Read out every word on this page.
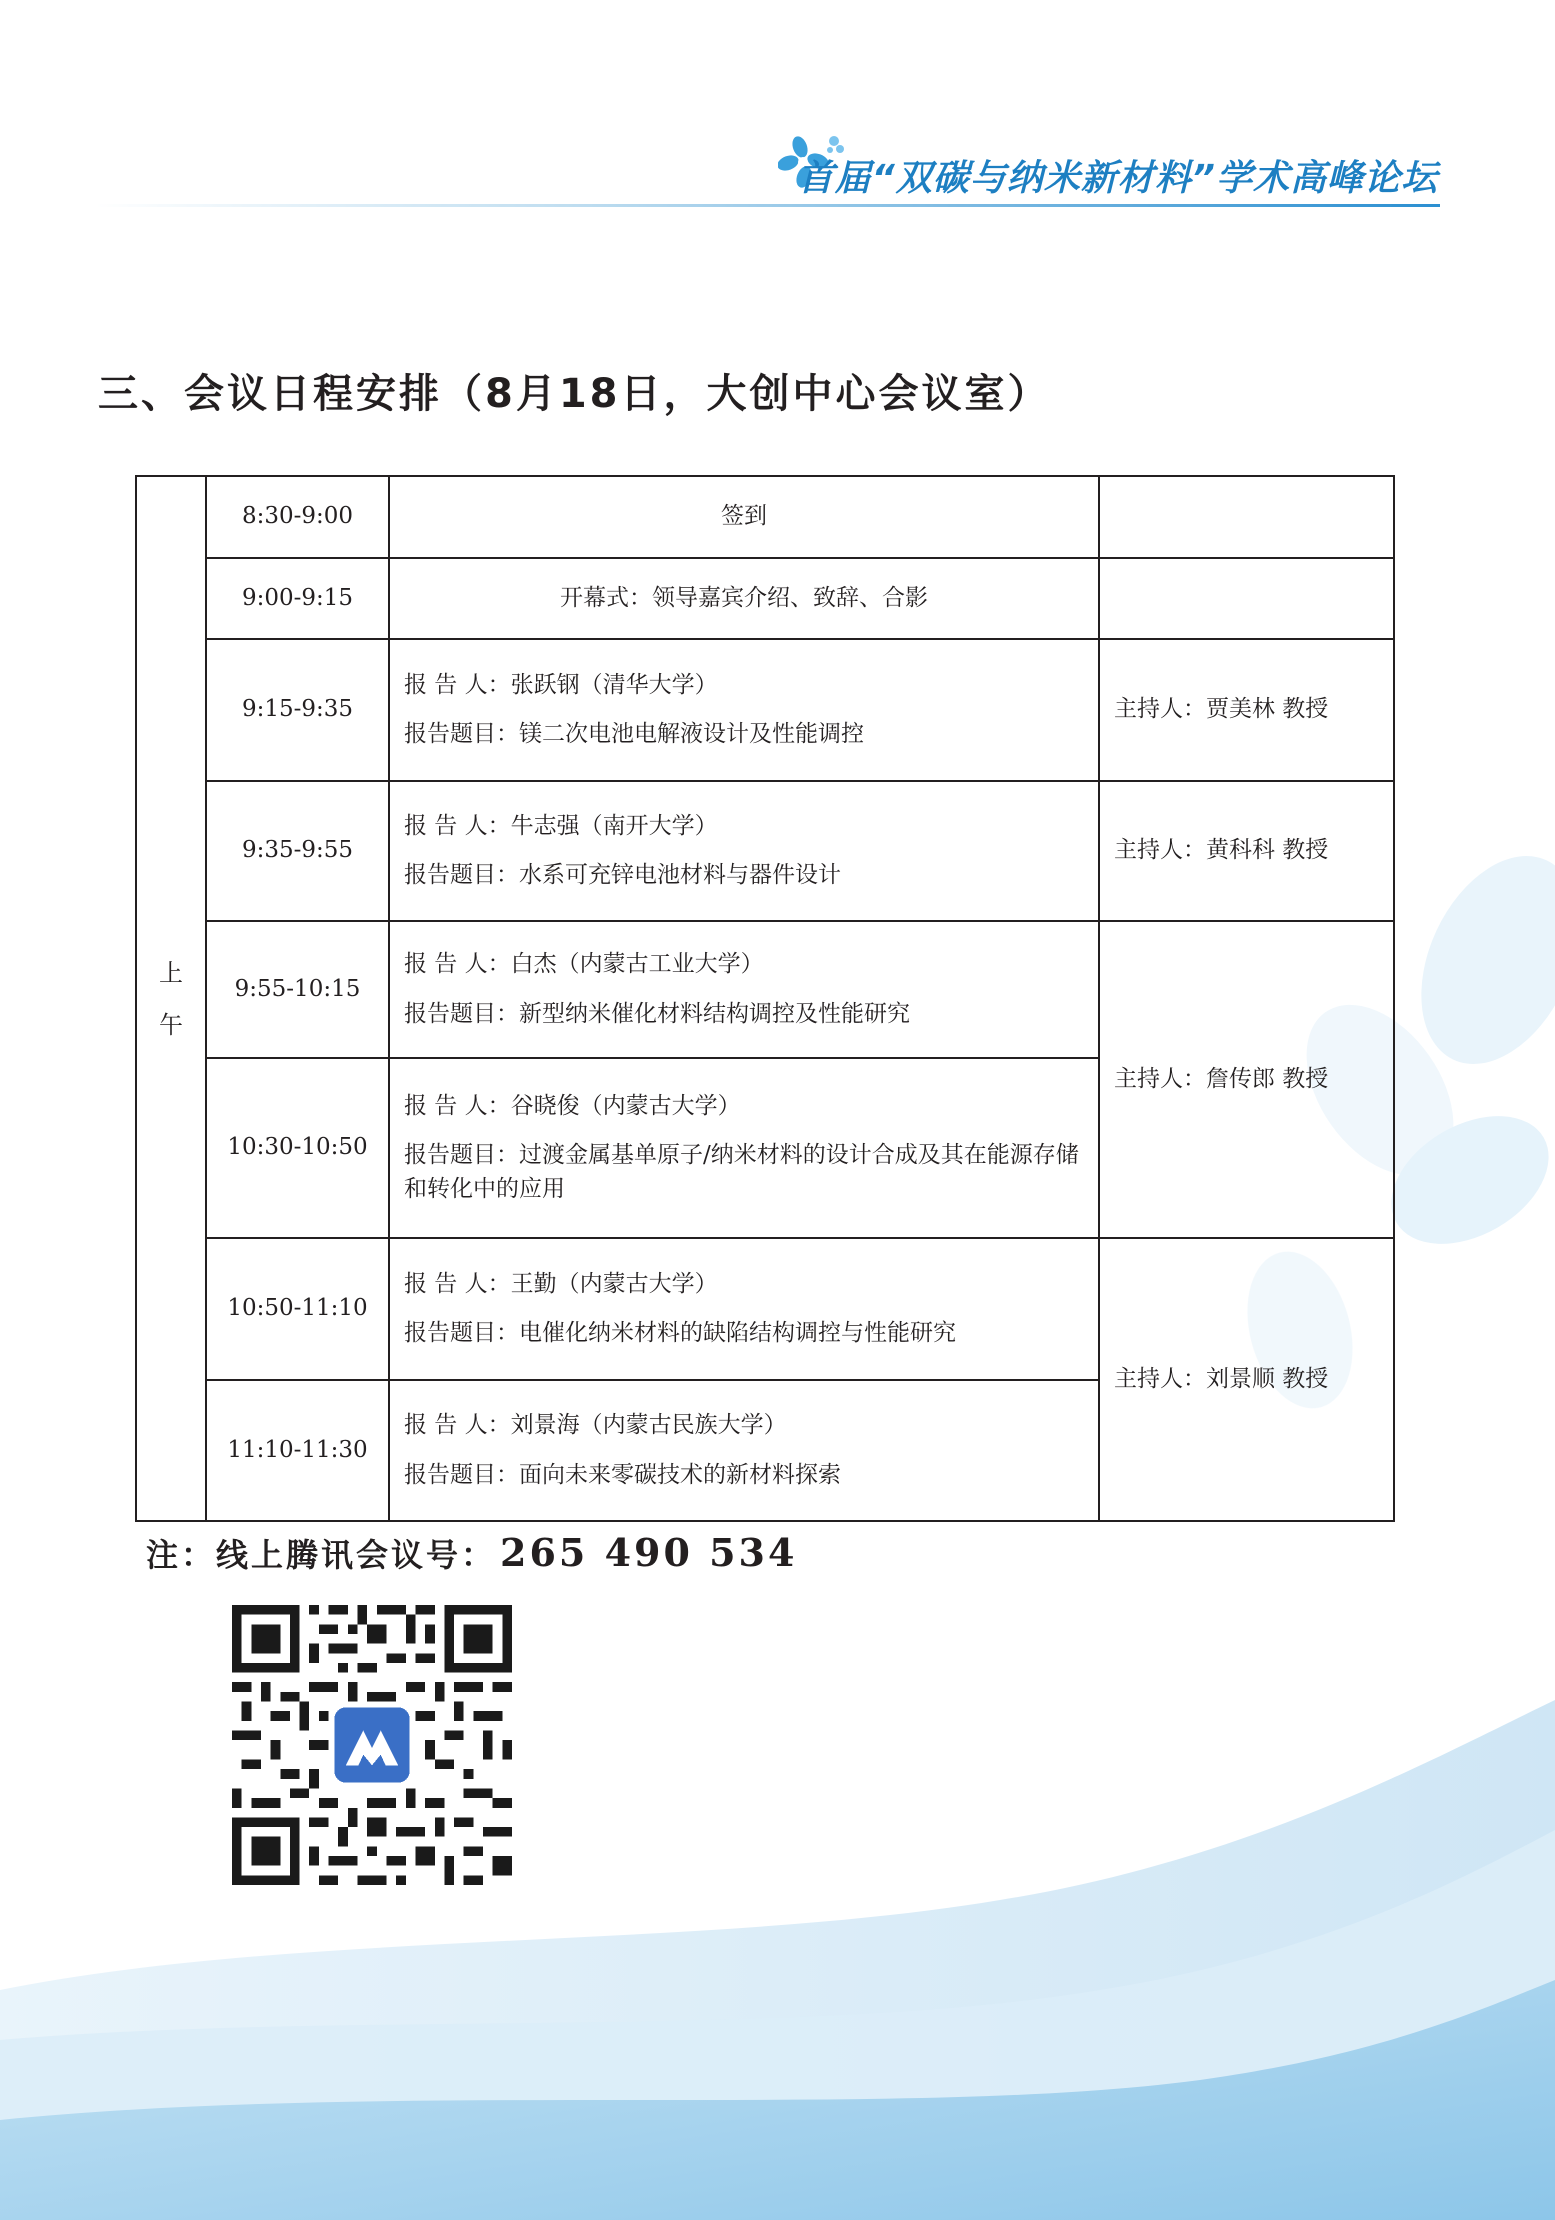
首届“双碳与纳米新材料”学术高峰论坛
三、会议日程安排（8月18日，大创中心会议室）
上午	8:30-9:00	签到	
	9:00-9:15	开幕式：领导嘉宾介绍、致辞、合影	
	9:15-9:35	报 告 人：张跃钢（清华大学）
报告题目：镁二次电池电解液设计及性能调控	主持人：贾美林 教授
	9:35-9:55	报 告 人：牛志强（南开大学）
报告题目：水系可充锌电池材料与器件设计	主持人：黄科科 教授
	9:55-10:15	报 告 人：白杰（内蒙古工业大学）
报告题目：新型纳米催化材料结构调控及性能研究	主持人：詹传郎 教授
	10:30-10:50	报 告 人：谷晓俊（内蒙古大学）
报告题目：过渡金属基单原子/纳米材料的设计合成及其在能源存储和转化中的应用	

	10:50-11:10	报 告 人：王勤（内蒙古大学）
报告题目：电催化纳米材料的缺陷结构调控与性能研究	主持人：刘景顺 教授
	11:10-11:30	报 告 人：刘景海（内蒙古民族大学）
报告题目：面向未来零碳技术的新材料探索	

注：线上腾讯会议号： 265 490 534
